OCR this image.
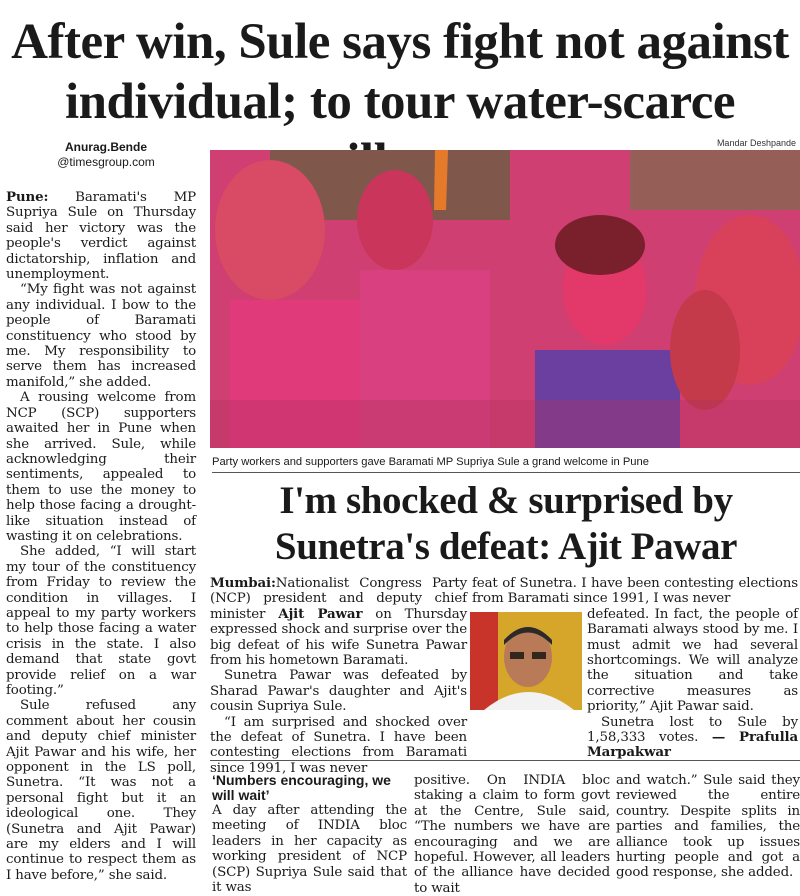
After win, Sule says fight not against individual; to tour water-scarce
Anurag.Bende
@timesgroup.com
Mandar Deshpande

Pune: Baramati's MP Supriya Sule on Thursday said her victory was the people's verdict against dictatorship, inflation and unemployment.

“My fight was not against any individual. I bow to the people of Baramati constituency who stood by me. My responsibility to serve them has increased manifold,” she added.

A rousing welcome from NCP (SCP) supporters awaited her in Pune when she arrived. Sule, while acknowledging their sentiments, appealed to them to use the money to help those facing a drought-like situation instead of wasting it on celebrations.

She added, “I will start my tour of the constituency from Friday to review the condition in villages. I appeal to my party workers to help those facing a water crisis in the state. I also demand that state govt provide relief on a war footing.”

Sule refused any comment about her cousin and deputy chief minister Ajit Pawar and his wife, her opponent in the LS poll, Sunetra. “It was not a personal fight but it an ideological one. They (Sunetra and Ajit Pawar) are my elders and I will continue to respect them as I have before,” she said.

Party workers and supporters gave Baramati MP Supriya Sule a grand welcome in Pune
I'm shocked & surprised by Sunetra's defeat: Ajit Pawar

Mumbai:Nationalist Congress Party (NCP) president and deputy chief minister Ajit Pawar on Thursday expressed shock and surprise over the big defeat of his wife Sunetra Pawar from his hometown Baramati.

Sunetra Pawar was defeated by Sharad Pawar's daughter and Ajit's cousin Supriya Sule.

“I am surprised and shocked over the defeat of Sunetra. I have been contesting elections from Baramati since 1991, I was never

feat of Sunetra. I have been contesting elections from Baramati since 1991, I was never

defeated. In fact, the people of Baramati always stood by me. I must admit we had several shortcomings. We will analyze the situation and take corrective measures as priority,” Ajit Pawar said.

Sunetra lost to Sule by 1,58,333 votes. — Prafulla Marpakwar

‘Numbers encouraging, we will wait’

A day after attending the meeting of INDIA bloc leaders in her capacity as working president of NCP (SCP) Supriya Sule said that it was

positive. On INDIA bloc staking a claim to form govt at the Centre, Sule said, “The numbers we have are encouraging and we are hopeful. However, all leaders of the alliance have decided to wait

and watch.” Sule said they reviewed the entire country. Despite splits in parties and families, the alliance took up issues hurting people and got a good response, she added.
